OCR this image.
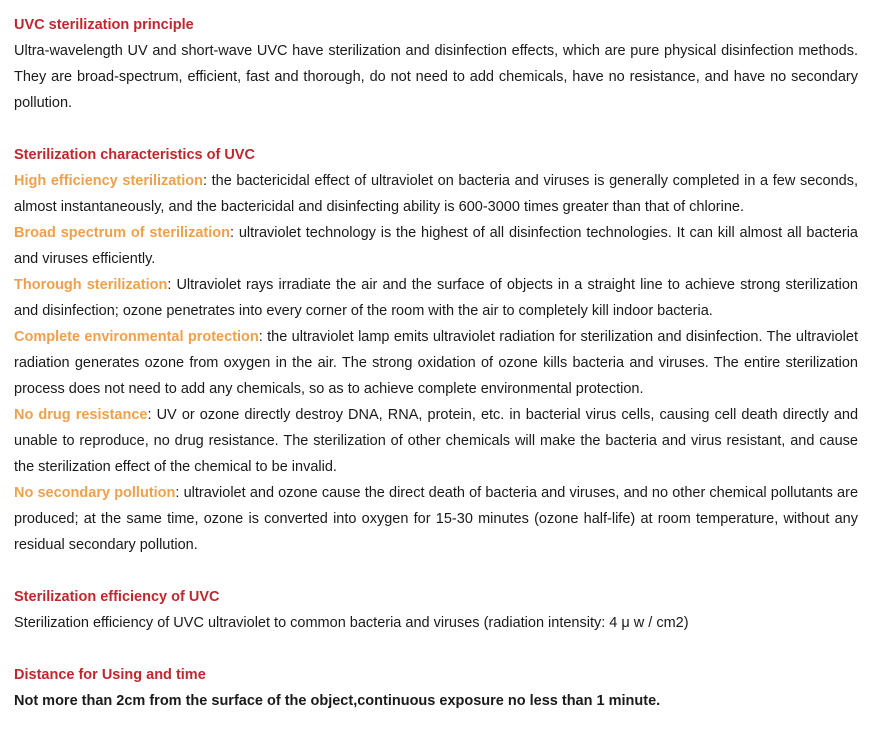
UVC sterilization principle

Ultra-wavelength UV and short-wave UVC have sterilization and disinfection effects, which are pure physical disinfection methods. They are broad-spectrum, efficient, fast and thorough, do not need to add chemicals, have no resistance, and have no secondary pollution.

Sterilization characteristics of UVC

High efficiency sterilization: the bactericidal effect of ultraviolet on bacteria and viruses is generally completed in a few seconds, almost instantaneously, and the bactericidal and disinfecting ability is 600-3000 times greater than that of chlorine.

Broad spectrum of sterilization: ultraviolet technology is the highest of all disinfection technologies. It can kill almost all bacteria and viruses efficiently.

Thorough sterilization: Ultraviolet rays irradiate the air and the surface of objects in a straight line to achieve strong sterilization and disinfection; ozone penetrates into every corner of the room with the air to completely kill indoor bacteria.

Complete environmental protection: the ultraviolet lamp emits ultraviolet radiation for sterilization and disinfection. The ultraviolet radiation generates ozone from oxygen in the air. The strong oxidation of ozone kills bacteria and viruses. The entire sterilization process does not need to add any chemicals, so as to achieve complete environmental protection.

No drug resistance: UV or ozone directly destroy DNA, RNA, protein, etc. in bacterial virus cells, causing cell death directly and unable to reproduce, no drug resistance. The sterilization of other chemicals will make the bacteria and virus resistant, and cause the sterilization effect of the chemical to be invalid.

No secondary pollution: ultraviolet and ozone cause the direct death of bacteria and viruses, and no other chemical pollutants are produced; at the same time, ozone is converted into oxygen for 15-30 minutes (ozone half-life) at room temperature, without any residual secondary pollution.

Sterilization efficiency of UVC

Sterilization efficiency of UVC ultraviolet to common bacteria and viruses (radiation intensity: 4 μ w / cm2)

Distance for Using and time

Not more than 2cm from the surface of the object,continuous exposure no less than 1 minute.
